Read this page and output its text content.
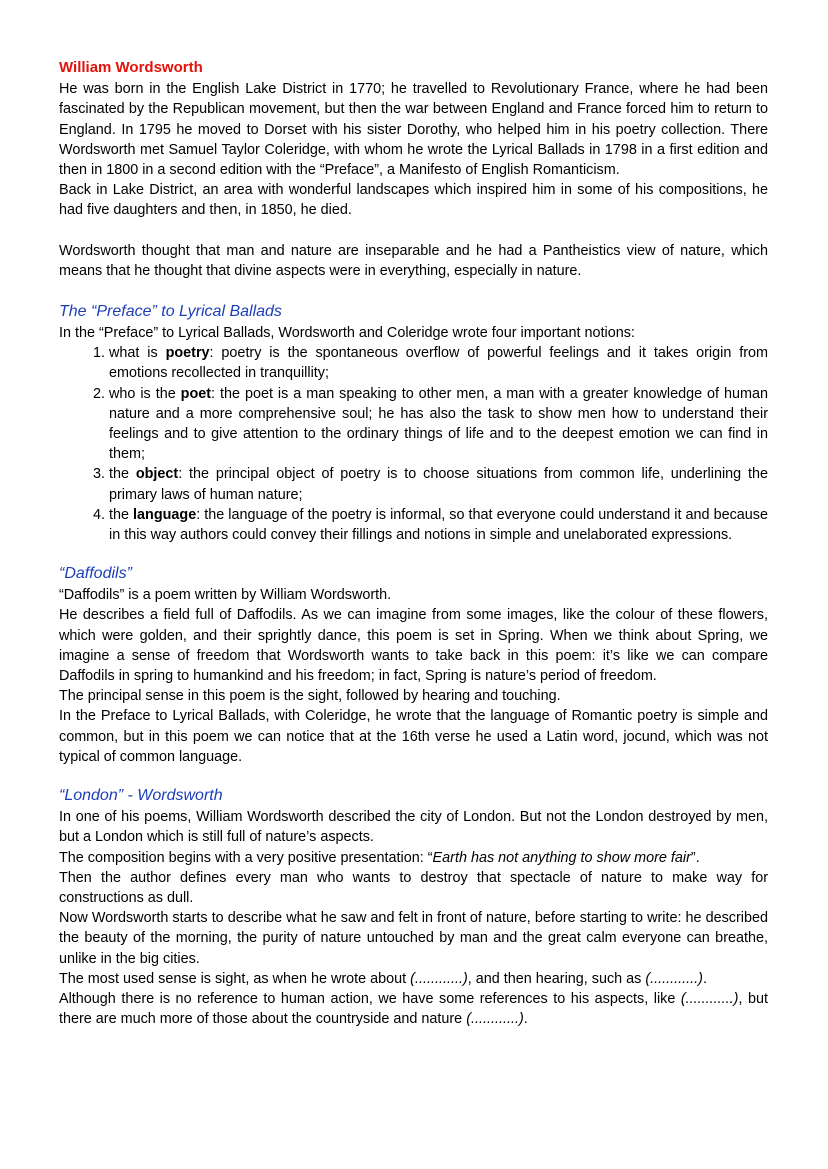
William Wordsworth

He was born in the English Lake District in 1770; he travelled to Revolutionary France, where he had been fascinated by the Republican movement, but then the war between England and France forced him to return to England. In 1795 he moved to Dorset with his sister Dorothy, who helped him in his poetry collection. There Wordsworth met Samuel Taylor Coleridge, with whom he wrote the Lyrical Ballads in 1798 in a first edition and then in 1800 in a second edition with the “Preface”, a Manifesto of English Romanticism.

Back in Lake District, an area with wonderful landscapes which inspired him in some of his compositions, he had five daughters and then, in 1850, he died.

Wordsworth thought that man and nature are inseparable and he had a Pantheistics view of nature, which means that he thought that divine aspects were in everything, especially in nature.

The “Preface” to Lyrical Ballads

In the “Preface” to Lyrical Ballads, Wordsworth and Coleridge wrote four important notions:

1. what is poetry: poetry is the spontaneous overflow of powerful feelings and it takes origin from emotions recollected in tranquillity;
2. who is the poet: the poet is a man speaking to other men, a man with a greater knowledge of human nature and a more comprehensive soul; he has also the task to show men how to understand their feelings and to give attention to the ordinary things of life and to the deepest emotion we can find in them;
3. the object: the principal object of poetry is to choose situations from common life, underlining the primary laws of human nature;
4. the language: the language of the poetry is informal, so that everyone could understand it and because in this way authors could convey their fillings and notions in simple and unelaborated expressions.

“Daffodils”

“Daffodils” is a poem written by William Wordsworth.

He describes a field full of Daffodils. As we can imagine from some images, like the colour of these flowers, which were golden, and their sprightly dance, this poem is set in Spring. When we think about Spring, we imagine a sense of freedom that Wordsworth wants to take back in this poem: it’s like we can compare Daffodils in spring to humankind and his freedom; in fact, Spring is nature’s period of freedom.

The principal sense in this poem is the sight, followed by hearing and touching.

In the Preface to Lyrical Ballads, with Coleridge, he wrote that the language of Romantic poetry is simple and common, but in this poem we can notice that at the 16th verse he used a Latin word, jocund, which was not typical of common language.

“London” - Wordsworth

In one of his poems, William Wordsworth described the city of London. But not the London destroyed by men, but a London which is still full of nature’s aspects.

The composition begins with a very positive presentation: “Earth has not anything to show more fair”.

Then the author defines every man who wants to destroy that spectacle of nature to make way for constructions as dull.

Now Wordsworth starts to describe what he saw and felt in front of nature, before starting to write: he described the beauty of the morning, the purity of nature untouched by man and the great calm everyone can breathe, unlike in the big cities.

The most used sense is sight, as when he wrote about (............), and then hearing, such as (............).

Although there is no reference to human action, we have some references to his aspects, like (............), but there are much more of those about the countryside and nature (............).
